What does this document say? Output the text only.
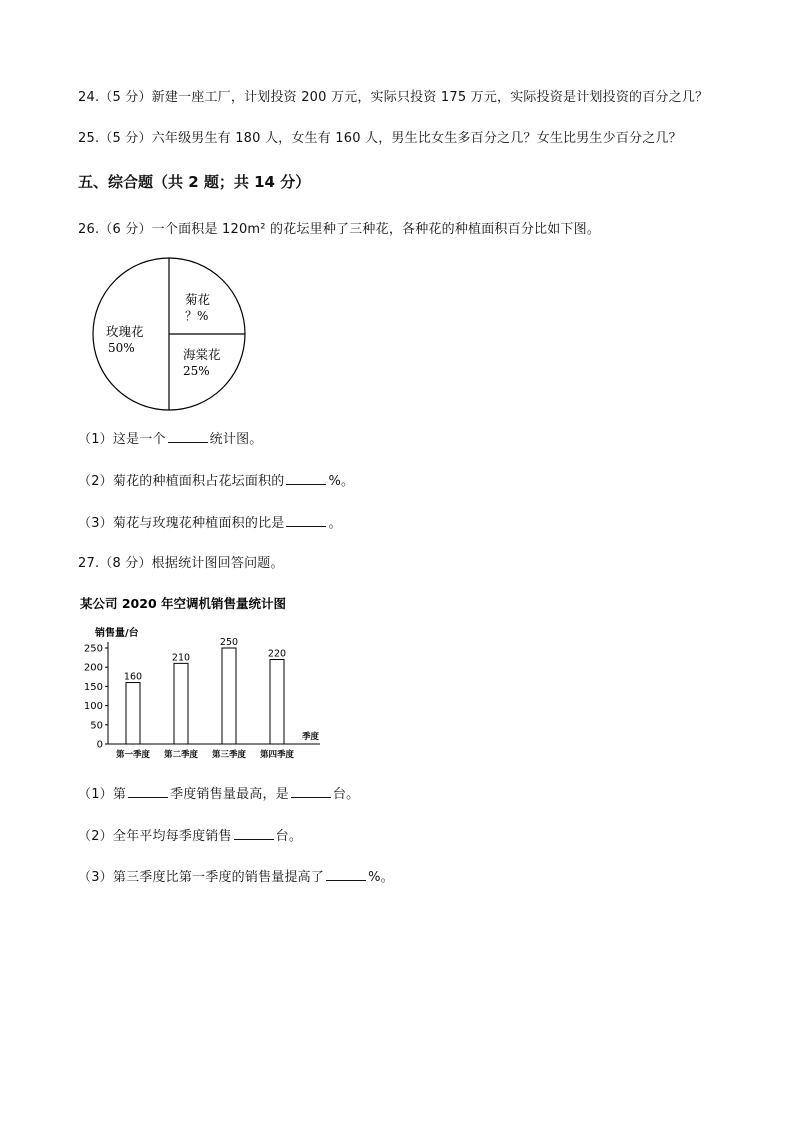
24.（5 分）新建一座工厂，计划投资 200 万元，实际只投资 175 万元，实际投资是计划投资的百分之几？
25.（5 分）六年级男生有 180 人，女生有 160 人，男生比女生多百分之几？女生比男生少百分之几？
五、综合题（共 2 题；共 14 分）
26.（6 分）一个面积是 120m² 的花坛里种了三种花，各种花的种植面积百分比如下图。
玫瑰花
50%
菊花
？%
海棠花
25%
（1）这是一个	统计图。
（2）菊花的种植面积占花坛面积的	%。
（3）菊花与玫瑰花种植面积的比是	。
27.（8 分）根据统计图回答问题。
某公司 2020 年空调机销售量统计图
销售量/台
季度
0
50
100
150
200
250
160
第一季度
210
第二季度
250
第三季度
220
第四季度
（1）第	季度销售量最高，是	台。
（2）全年平均每季度销售	台。
（3）第三季度比第一季度的销售量提高了	%。
